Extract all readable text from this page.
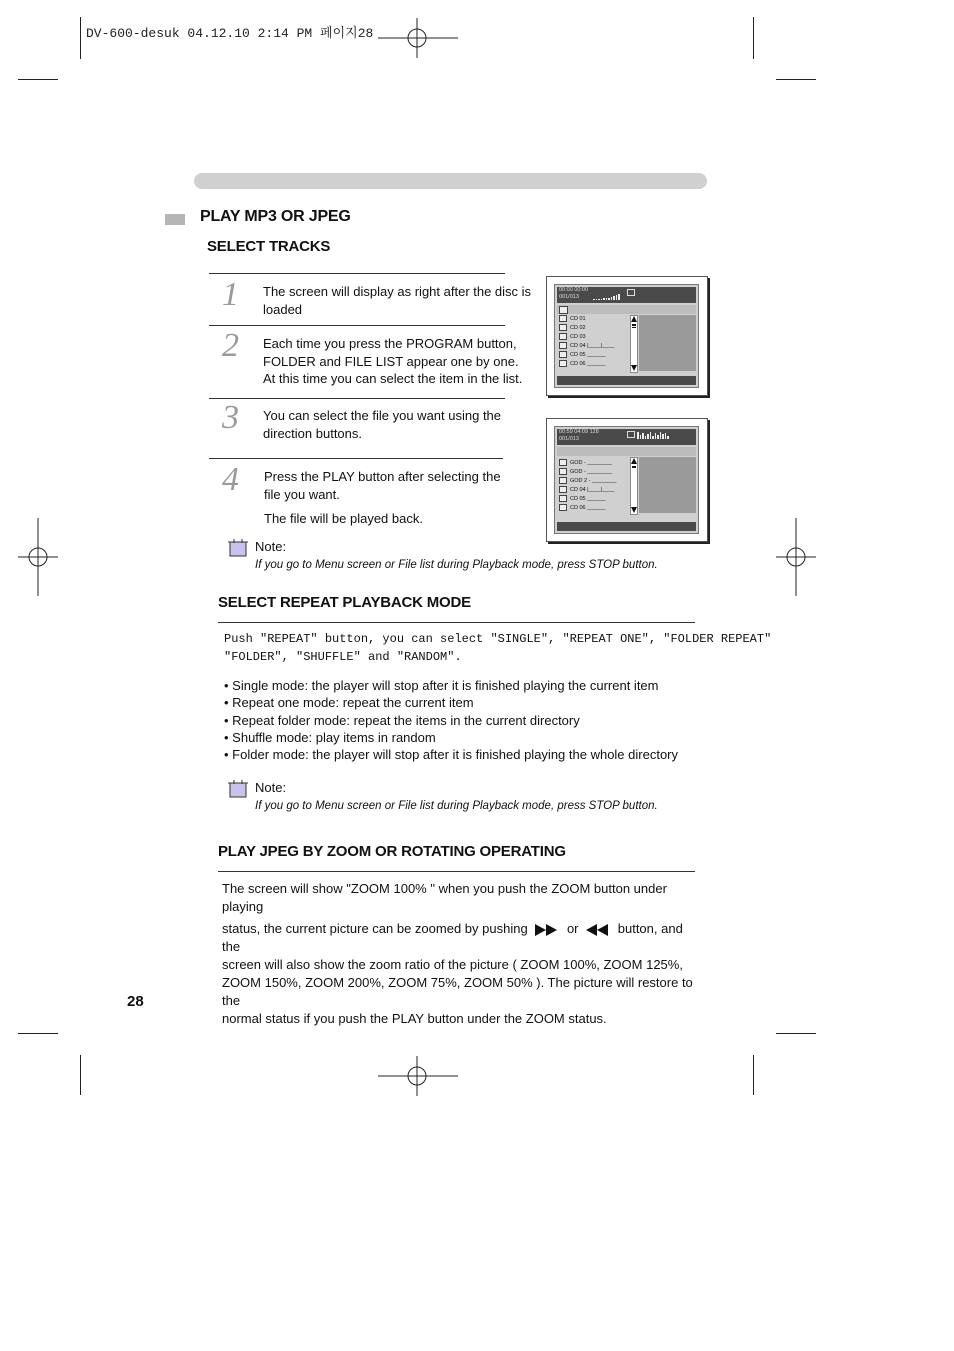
DV-600-desuk 04.12.10 2:14 PM 페이지28
PLAY MP3 OR JPEG
SELECT TRACKS
1 The screen will display as right after the disc is
loaded
2 Each time you press the PROGRAM button,
FOLDER and FILE LIST appear one by one.
At this time you can select the item in the list.
3 You can select the file you want using the
direction buttons.
4 Press the PLAY button after selecting the
file you want.
The file will be played back.
00:00 00:00
001/013
CD 01
CD 02
CD 03
CD 04 |____|____
CD 05 ______
CD 06 ______
00:59 04:09 128
001/013
GOD - ________
GOD - ________
GOD 2 - ________
CD 04 |____|____
CD 05 ______
CD 06 ______
Note:
If you go to Menu screen or File list during Playback mode, press STOP button.
SELECT REPEAT PLAYBACK MODE
Push "REPEAT" button, you can select "SINGLE", "REPEAT ONE", "FOLDER REPEAT"
"FOLDER", "SHUFFLE" and "RANDOM".
• Single mode: the player will stop after it is finished playing the current item
• Repeat one mode: repeat the current item
• Repeat folder mode: repeat the items in the current directory
• Shuffle mode: play items in random
• Folder mode: the player will stop after it is finished playing the whole directory
Note:
If you go to Menu screen or File list during Playback mode, press STOP button.
PLAY JPEG BY ZOOM OR ROTATING OPERATING
The screen will show "ZOOM 100% " when you push the ZOOM button under playing
status, the current picture can be zoomed by pushing	or	button, and the
screen will also show the zoom ratio of the picture ( ZOOM 100%, ZOOM 125%,
ZOOM 150%, ZOOM 200%, ZOOM 75%, ZOOM 50% ). The picture will restore to the
normal status if you push the PLAY button under the ZOOM status.
28
